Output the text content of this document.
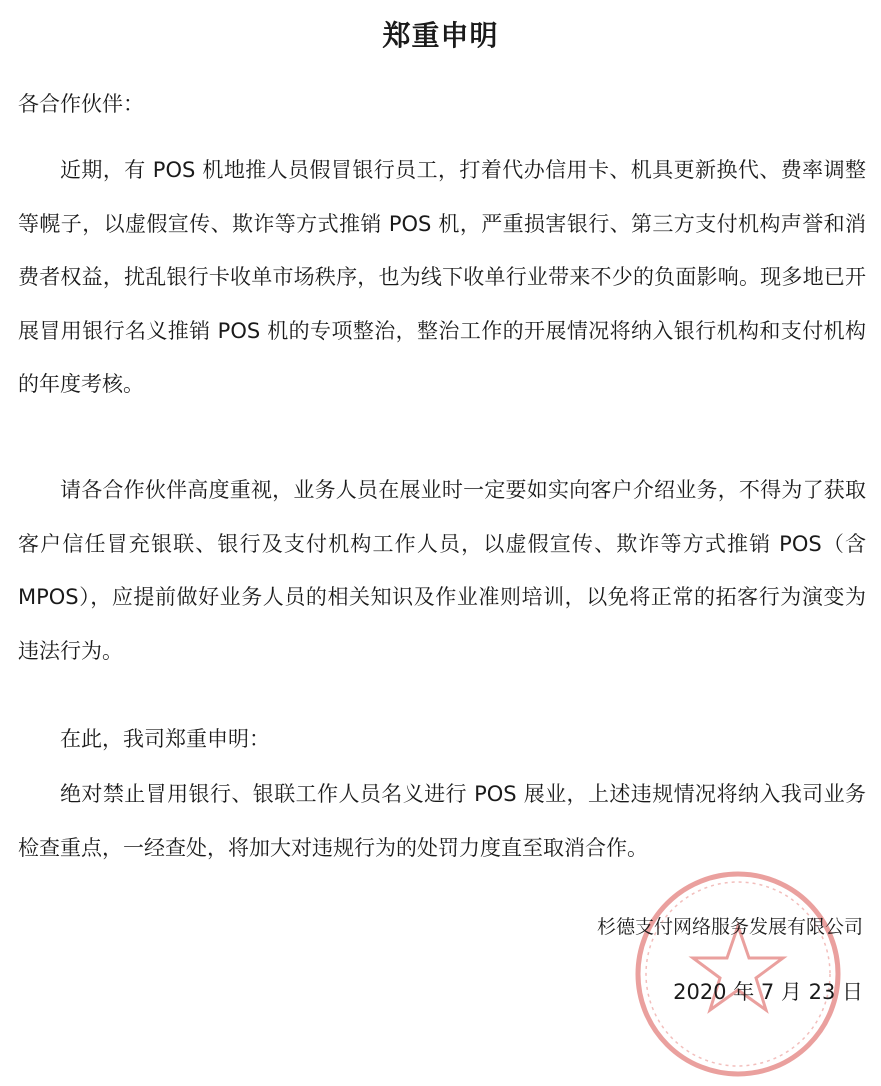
郑重申明
各合作伙伴：

近期，有 POS 机地推人员假冒银行员工，打着代办信用卡、机具更新换代、费率调整等幌子，以虚假宣传、欺诈等方式推销 POS 机，严重损害银行、第三方支付机构声誉和消费者权益，扰乱银行卡收单市场秩序，也为线下收单行业带来不少的负面影响。现多地已开展冒用银行名义推销 POS 机的专项整治，整治工作的开展情况将纳入银行机构和支付机构的年度考核。

请各合作伙伴高度重视，业务人员在展业时一定要如实向客户介绍业务，不得为了获取客户信任冒充银联、银行及支付机构工作人员，以虚假宣传、欺诈等方式推销 POS（含 MPOS），应提前做好业务人员的相关知识及作业准则培训，以免将正常的拓客行为演变为违法行为。

在此，我司郑重申明：

绝对禁止冒用银行、银联工作人员名义进行 POS 展业，上述违规情况将纳入我司业务检查重点，一经查处，将加大对违规行为的处罚力度直至取消合作。

杉德支付网络服务发展有限公司
2020 年 7 月 23 日
